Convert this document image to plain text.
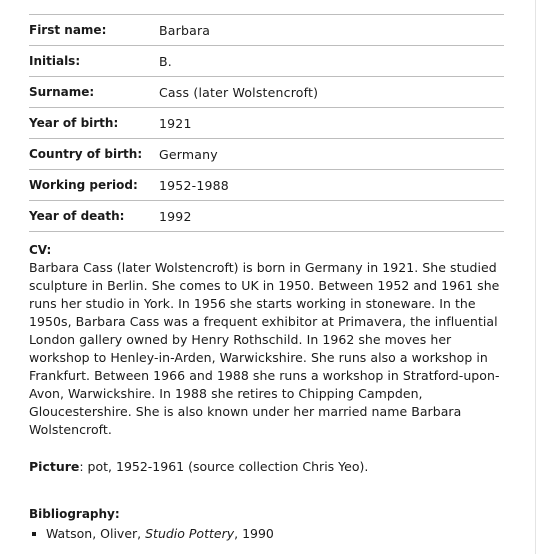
First name:	Barbara
Initials:	B.
Surname:	Cass (later Wolstencroft)
Year of birth:	1921
Country of birth:	Germany
Working period:	1952-1988
Year of death:	1992
CV:

Barbara Cass (later Wolstencroft) is born in Germany in 1921. She studied sculpture in Berlin. She comes to UK in 1950. Between 1952 and 1961 she runs her studio in York. In 1956 she starts working in stoneware. In the 1950s, Barbara Cass was a frequent exhibitor at Primavera, the influential London gallery owned by Henry Rothschild. In 1962 she moves her workshop to Henley-in-Arden, Warwickshire. She runs also a workshop in Frankfurt. Between 1966 and 1988 she runs a workshop in Stratford-upon-Avon, Warwickshire. In 1988 she retires to Chipping Campden, Gloucestershire. She is also known under her married name Barbara Wolstencroft.

Picture: pot, 1952-1961 (source collection Chris Yeo).
Bibliography:
Watson, Oliver, Studio Pottery, 1990
